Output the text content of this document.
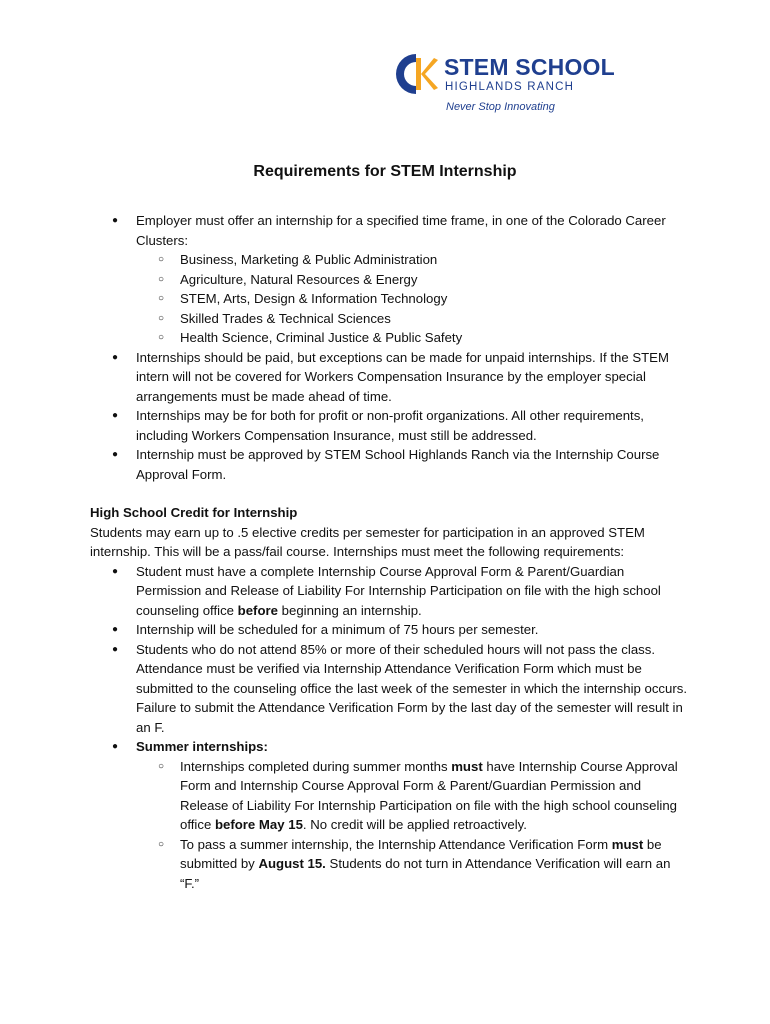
STEM SCHOOL
HIGHLANDS RANCH
Never Stop Innovating
Requirements for STEM Internship
● Employer must offer an internship for a specified time frame, in one of the Colorado Career Clusters:
○ Business, Marketing & Public Administration
○ Agriculture, Natural Resources & Energy
○ STEM, Arts, Design & Information Technology
○ Skilled Trades & Technical Sciences
○ Health Science, Criminal Justice & Public Safety
● Internships should be paid, but exceptions can be made for unpaid internships. If the STEM intern will not be covered for Workers Compensation Insurance by the employer special arrangements must be made ahead of time.
● Internships may be for both for profit or non-profit organizations. All other requirements, including Workers Compensation Insurance, must still be addressed.
● Internship must be approved by STEM School Highlands Ranch via the Internship Course Approval Form.
High School Credit for Internship

Students may earn up to .5 elective credits per semester for participation in an approved STEM internship. This will be a pass/fail course. Internships must meet the following requirements:

● Student must have a complete Internship Course Approval Form & Parent/Guardian Permission and Release of Liability For Internship Participation on file with the high school counseling office before beginning an internship.
● Internship will be scheduled for a minimum of 75 hours per semester.
● Students who do not attend 85% or more of their scheduled hours will not pass the class. Attendance must be verified via Internship Attendance Verification Form which must be submitted to the counseling office the last week of the semester in which the internship occurs. Failure to submit the Attendance Verification Form by the last day of the semester will result in an F.
● Summer internships:
○ Internships completed during summer months must have Internship Course Approval Form and Internship Course Approval Form & Parent/Guardian Permission and Release of Liability For Internship Participation on file with the high school counseling office before May 15. No credit will be applied retroactively.
○ To pass a summer internship, the Internship Attendance Verification Form must be submitted by August 15. Students do not turn in Attendance Verification will earn an “F.”
